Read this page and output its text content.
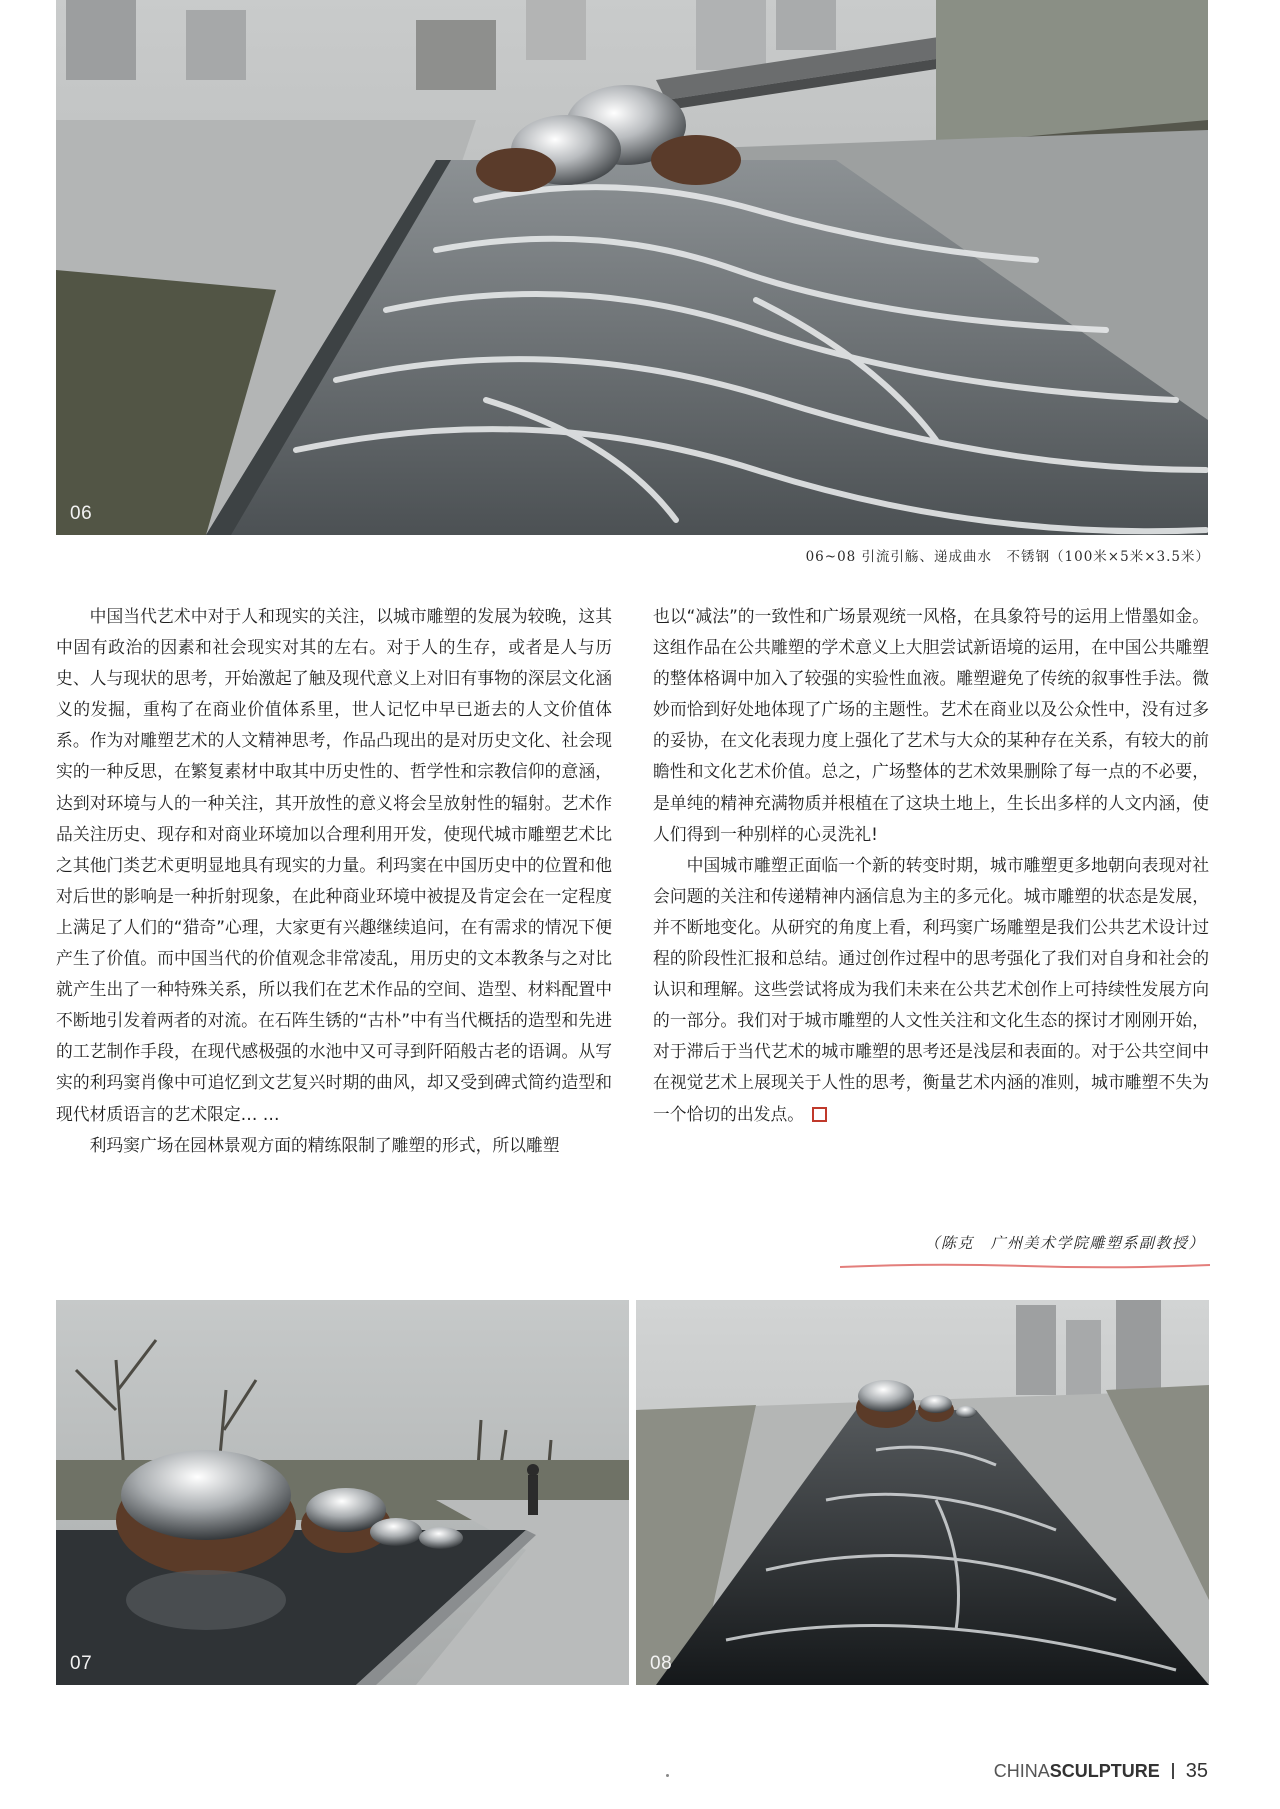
06
06~08 引流引觞、递成曲水　不锈钢（100米×5米×3.5米）

中国当代艺术中对于人和现实的关注，以城市雕塑的发展为较晚，这其中固有政治的因素和社会现实对其的左右。对于人的生存，或者是人与历史、人与现状的思考，开始激起了触及现代意义上对旧有事物的深层文化涵义的发掘，重构了在商业价值体系里，世人记忆中早已逝去的人文价值体系。作为对雕塑艺术的人文精神思考，作品凸现出的是对历史文化、社会现实的一种反思，在繁复素材中取其中历史性的、哲学性和宗教信仰的意涵，达到对环境与人的一种关注，其开放性的意义将会呈放射性的辐射。艺术作品关注历史、现存和对商业环境加以合理利用开发，使现代城市雕塑艺术比之其他门类艺术更明显地具有现实的力量。利玛窦在中国历史中的位置和他对后世的影响是一种折射现象，在此种商业环境中被提及肯定会在一定程度上满足了人们的“猎奇”心理，大家更有兴趣继续追问，在有需求的情况下便产生了价值。而中国当代的价值观念非常凌乱，用历史的文本教条与之对比就产生出了一种特殊关系，所以我们在艺术作品的空间、造型、材料配置中不断地引发着两者的对流。在石阵生锈的“古朴”中有当代概括的造型和先进的工艺制作手段，在现代感极强的水池中又可寻到阡陌般古老的语调。从写实的利玛窦肖像中可追忆到文艺复兴时期的曲风，却又受到碑式简约造型和现代材质语言的艺术限定… …

利玛窦广场在园林景观方面的精练限制了雕塑的形式，所以雕塑

也以“减法”的一致性和广场景观统一风格，在具象符号的运用上惜墨如金。这组作品在公共雕塑的学术意义上大胆尝试新语境的运用，在中国公共雕塑的整体格调中加入了较强的实验性血液。雕塑避免了传统的叙事性手法。微妙而恰到好处地体现了广场的主题性。艺术在商业以及公众性中，没有过多的妥协，在文化表现力度上强化了艺术与大众的某种存在关系，有较大的前瞻性和文化艺术价值。总之，广场整体的艺术效果删除了每一点的不必要，是单纯的精神充满物质并根植在了这块土地上，生长出多样的人文内涵，使人们得到一种别样的心灵洗礼!

中国城市雕塑正面临一个新的转变时期，城市雕塑更多地朝向表现对社会问题的关注和传递精神内涵信息为主的多元化。城市雕塑的状态是发展，并不断地变化。从研究的角度上看，利玛窦广场雕塑是我们公共艺术设计过程的阶段性汇报和总结。通过创作过程中的思考强化了我们对自身和社会的认识和理解。这些尝试将成为我们未来在公共艺术创作上可持续性发展方向的一部分。我们对于城市雕塑的人文性关注和文化生态的探讨才刚刚开始，对于滞后于当代艺术的城市雕塑的思考还是浅层和表面的。对于公共空间中在视觉艺术上展现关于人性的思考，衡量艺术内涵的准则，城市雕塑不失为一个恰切的出发点。

（陈克　广州美术学院雕塑系副教授）
07	08
CHINASCULPTURE 35
